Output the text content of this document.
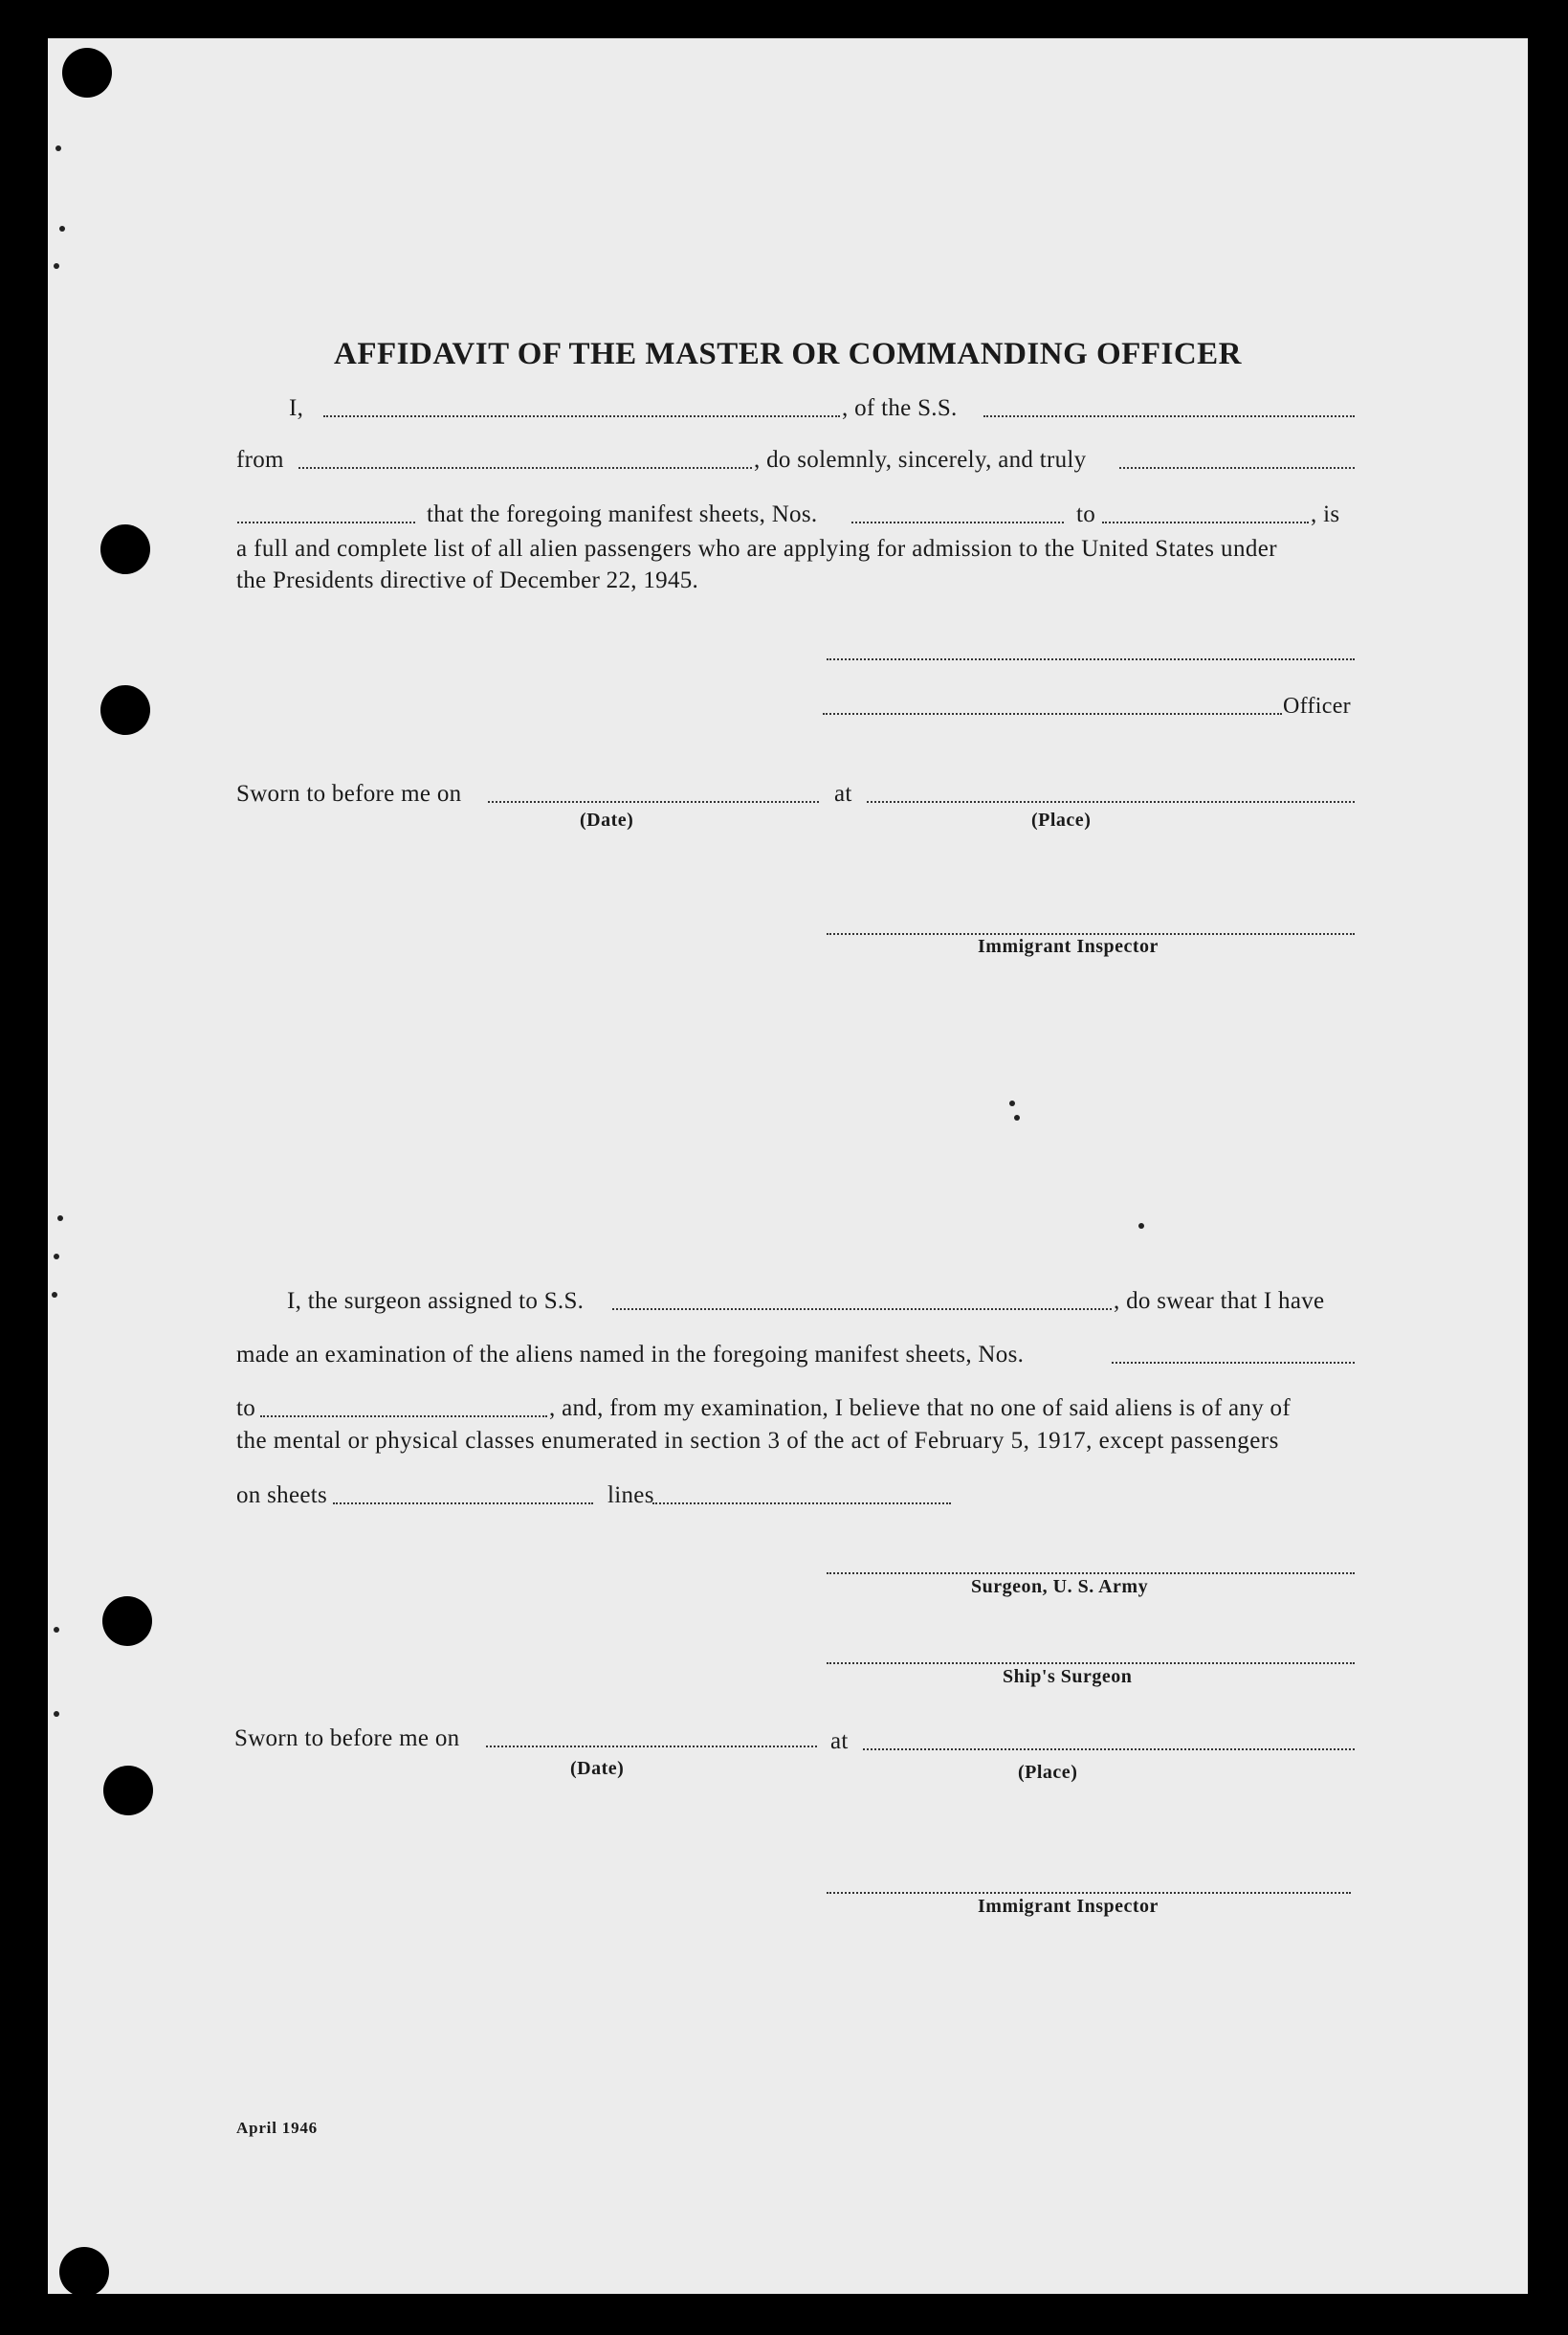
AFFIDAVIT OF THE MASTER OR COMMANDING OFFICER
I,	, of the S.S.
from	, do solemnly, sincerely, and truly
that the foregoing manifest sheets, Nos.	to	, is
a full and complete list of all alien passengers who are applying for admission to the United States under
the Presidents directive of December 22, 1945.
Officer
Sworn to before me on	at
(Date)	(Place)
Immigrant Inspector
I, the surgeon assigned to S.S.	, do swear that I have
made an examination of the aliens named in the foregoing manifest sheets, Nos.
to	, and, from my examination, I believe that no one of said aliens is of any of
the mental or physical classes enumerated in section 3 of the act of February 5, 1917, except passengers
on sheets	lines
Surgeon, U. S. Army
Ship's Surgeon
Sworn to before me on	at
(Date)	(Place)
Immigrant Inspector
April 1946
